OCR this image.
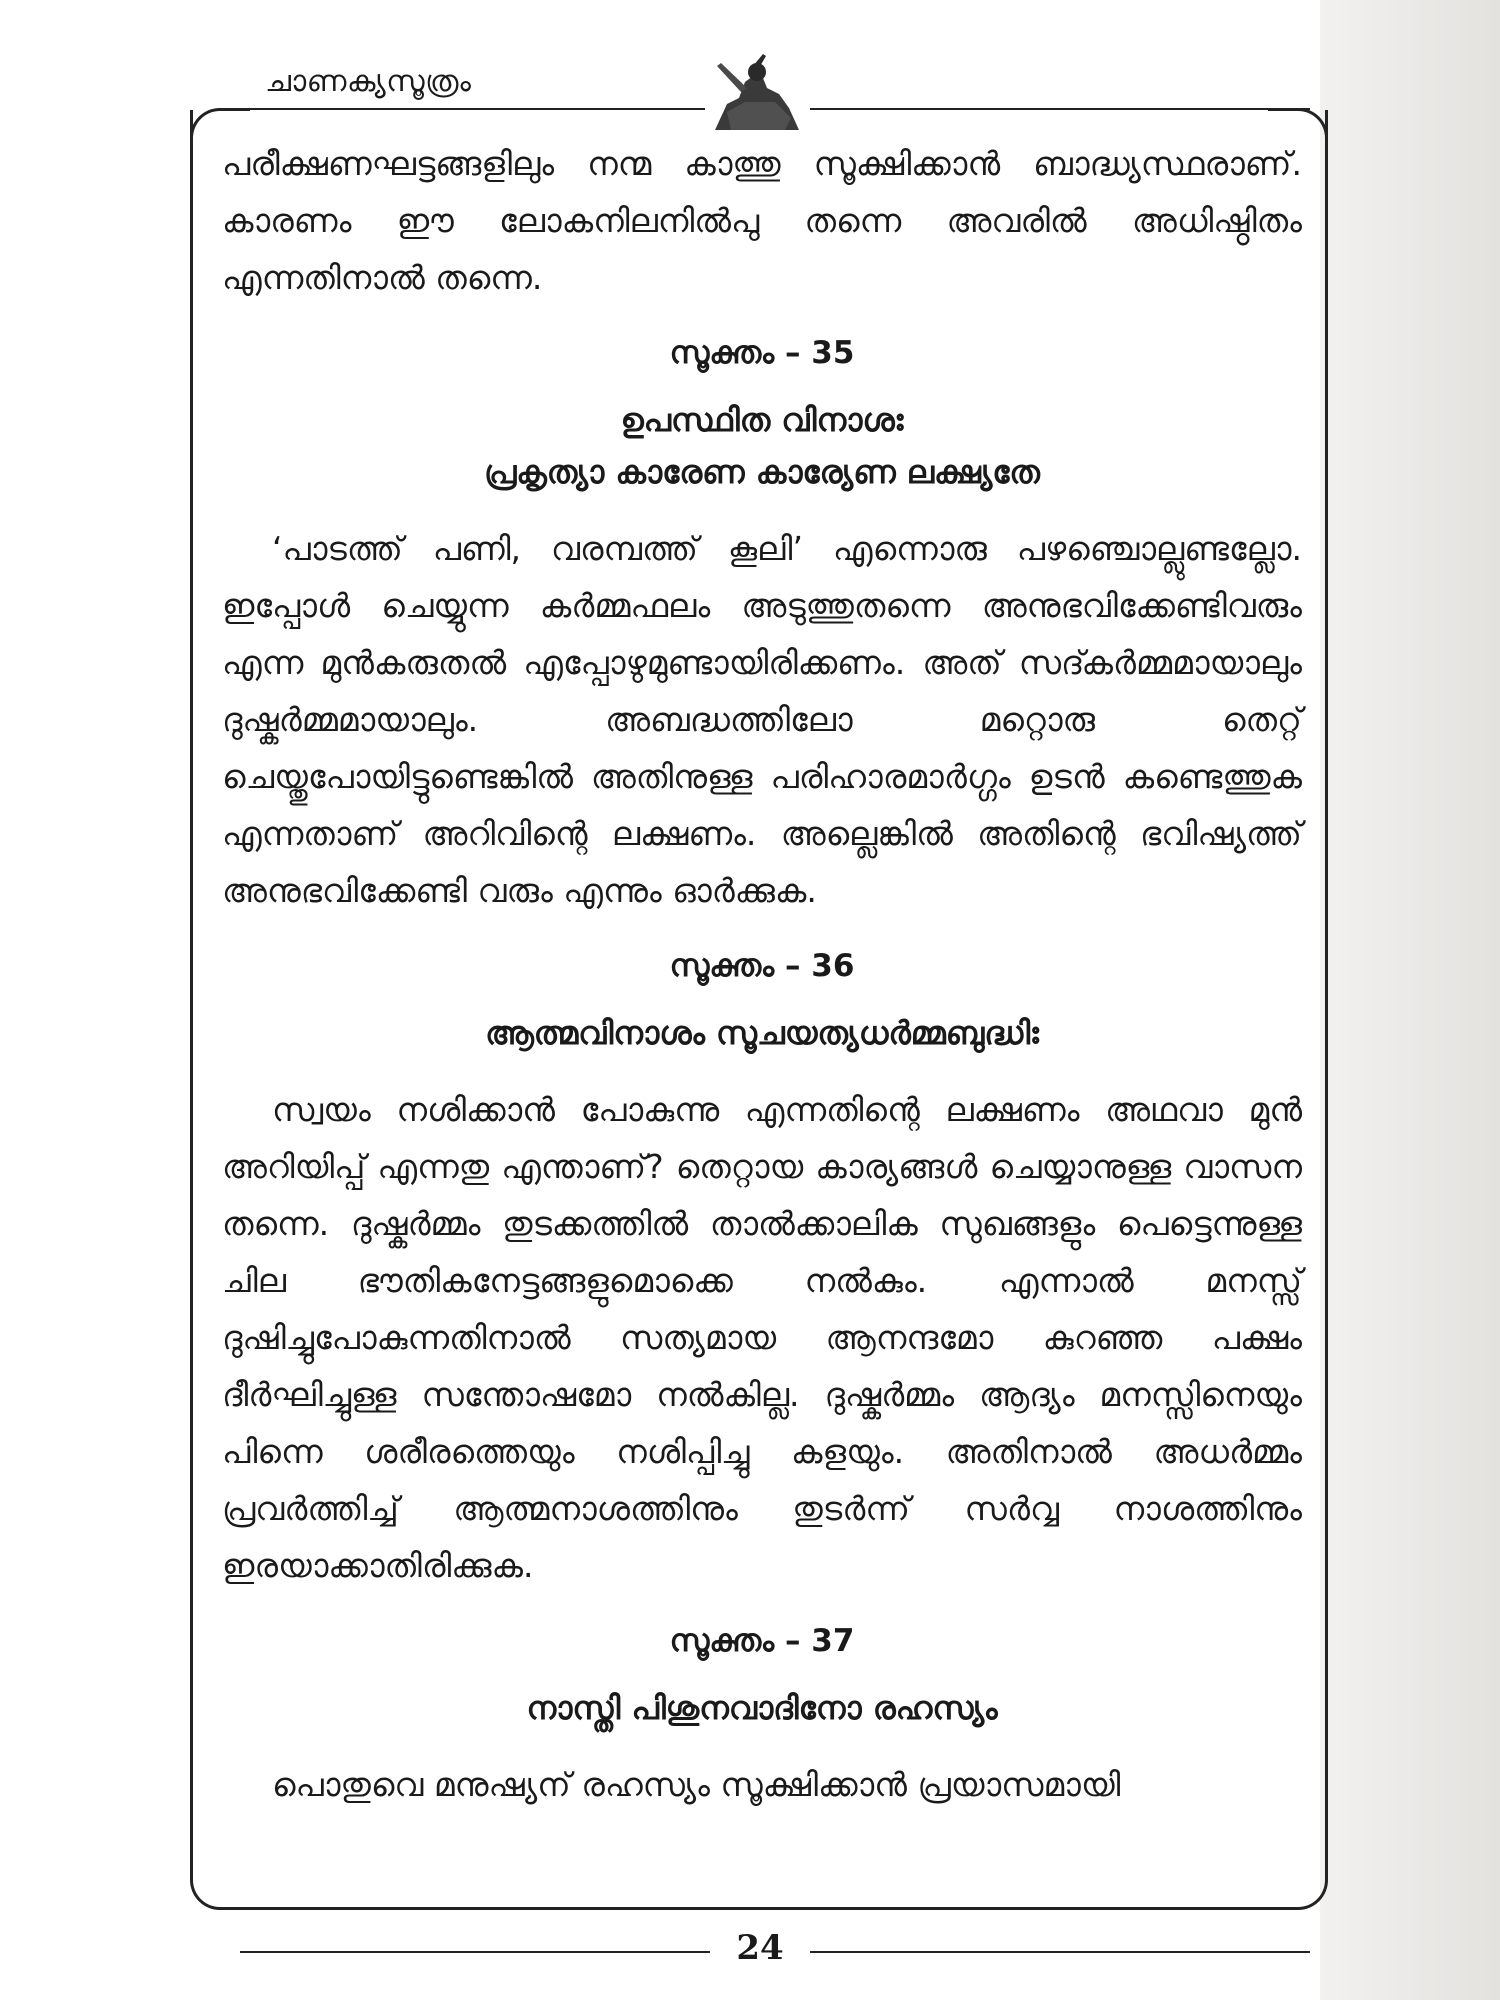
ചാണക്യസൂത്രം

പരീക്ഷണഘട്ടങ്ങളിലും നന്മ കാത്തു സൂക്ഷിക്കാൻ ബാദ്ധ്യസ്ഥരാണ്. കാരണം ഈ ലോകനിലനിൽപു തന്നെ അവരിൽ അധിഷ്ഠിതം എന്നതിനാൽ തന്നെ.

സൂക്തം – 35

ഉപസ്ഥിത വിനാശഃ

പ്രകൃത്യാ കാരേണ കാര്യേണ ലക്ഷ്യതേ

‘പാടത്ത് പണി, വരമ്പത്ത് കൂലി’ എന്നൊരു പഴഞ്ചൊല്ലുണ്ടല്ലോ. ഇപ്പോൾ ചെയ്യുന്ന കർമ്മഫലം അടുത്തുതന്നെ അനുഭവിക്കേണ്ടിവരും എന്ന മുൻകരുതൽ എപ്പോഴുമുണ്ടായിരിക്കണം. അത് സദ്കർമ്മമായാലും ദുഷ്കർമ്മമായാലും. അബദ്ധത്തിലോ മറ്റൊരു തെറ്റ് ചെയ്തുപോയിട്ടുണ്ടെങ്കിൽ അതിനുള്ള പരിഹാരമാർഗ്ഗം ഉടൻ കണ്ടെത്തുക എന്നതാണ് അറിവിന്റെ ലക്ഷണം. അല്ലെങ്കിൽ അതിന്റെ ഭവിഷ്യത്ത് അനുഭവിക്കേണ്ടി വരും എന്നും ഓർക്കുക.

സൂക്തം – 36

ആത്മവിനാശം സൂചയത്യധർമ്മബുദ്ധിഃ

സ്വയം നശിക്കാൻ പോകുന്നു എന്നതിന്റെ ലക്ഷണം അഥവാ മുൻ അറിയിപ്പ് എന്നതു എന്താണ്? തെറ്റായ കാര്യങ്ങൾ ചെയ്യാനുള്ള വാസന തന്നെ. ദുഷ്കർമ്മം തുടക്കത്തിൽ താൽക്കാലിക സുഖങ്ങളും പെട്ടെന്നുള്ള ചില ഭൗതികനേട്ടങ്ങളുമൊക്കെ നൽകും. എന്നാൽ മനസ്സ് ദുഷിച്ചുപോകുന്നതിനാൽ സത്യമായ ആനന്ദമോ കുറഞ്ഞ പക്ഷം ദീർഘിച്ചുള്ള സന്തോഷമോ നൽകില്ല. ദുഷ്കർമ്മം ആദ്യം മനസ്സിനെയും പിന്നെ ശരീരത്തെയും നശിപ്പിച്ചു കളയും. അതിനാൽ അധർമ്മം പ്രവർത്തിച്ച് ആത്മനാശത്തിനും തുടർന്ന് സർവ്വ നാശത്തിനും ഇരയാക്കാതിരിക്കുക.

സൂക്തം – 37

നാസ്തി പിശുനവാദിനോ രഹസ്യം

പൊതുവെ മനുഷ്യന് രഹസ്യം സൂക്ഷിക്കാൻ പ്രയാസമായി

24
